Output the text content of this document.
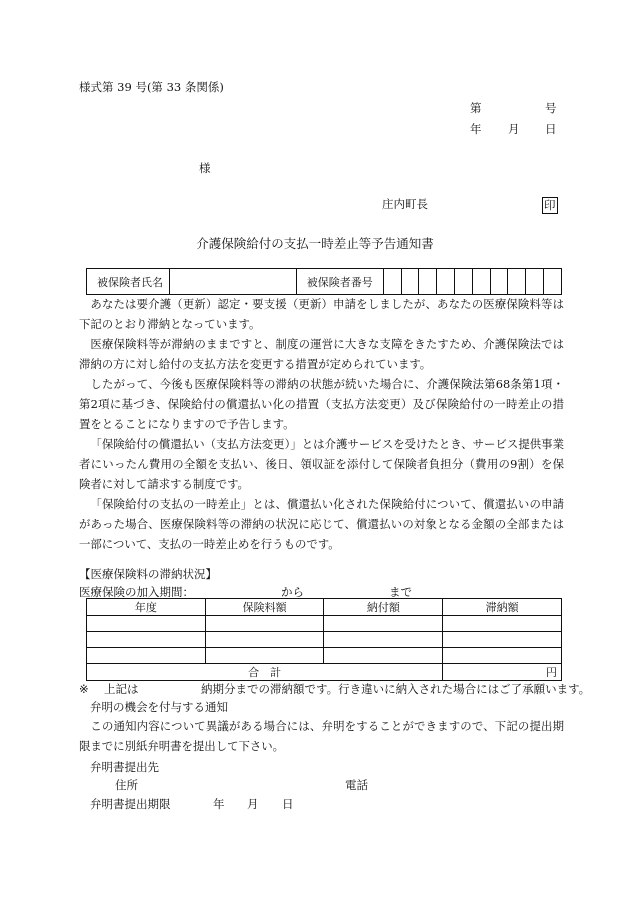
様式第 39 号(第 33 条関係)
第	号
年 月 日
様
庄内町長	印
介護保険給付の支払一時差止等予告通知書
被保険者氏名		被保険者番号										
あなたは要介護（更新）認定・要支援（更新）申請をしましたが、あなたの医療保険料等は下記のとおり滞納となっています。
医療保険料等が滞納のままですと、制度の運営に大きな支障をきたすため、介護保険法では滞納の方に対し給付の支払方法を変更する措置が定められています。
したがって、今後も医療保険料等の滞納の状態が続いた場合に、介護保険法第68条第1項・第2項に基づき、保険給付の償還払い化の措置（支払方法変更）及び保険給付の一時差止の措置をとることになりますので予告します。
「保険給付の償還払い（支払方法変更）」とは介護サービスを受けたとき、サービス提供事業者にいったん費用の全額を支払い、後日、領収証を添付して保険者負担分（費用の9割）を保険者に対して請求する制度です。
「保険給付の支払の一時差止」とは、償還払い化された保険給付について、償還払いの申請があった場合、医療保険料等の滞納の状況に応じて、償還払いの対象となる金額の全部または一部について、支払の一時差止めを行うものです。
【医療保険料の滞納状況】
医療保険の加入期間：	から	まで
年度	保険料額	納付額	滞納額

合　計			円
※ 上記は	納期分までの滞納額です。行き違いに納入された場合にはご了承願います。
弁明の機会を付与する通知
この通知内容について異議がある場合には、弁明をすることができますので、下記の提出期限までに別紙弁明書を提出して下さい。
弁明書提出先
住所	電話
弁明書提出期限	年 月 日
